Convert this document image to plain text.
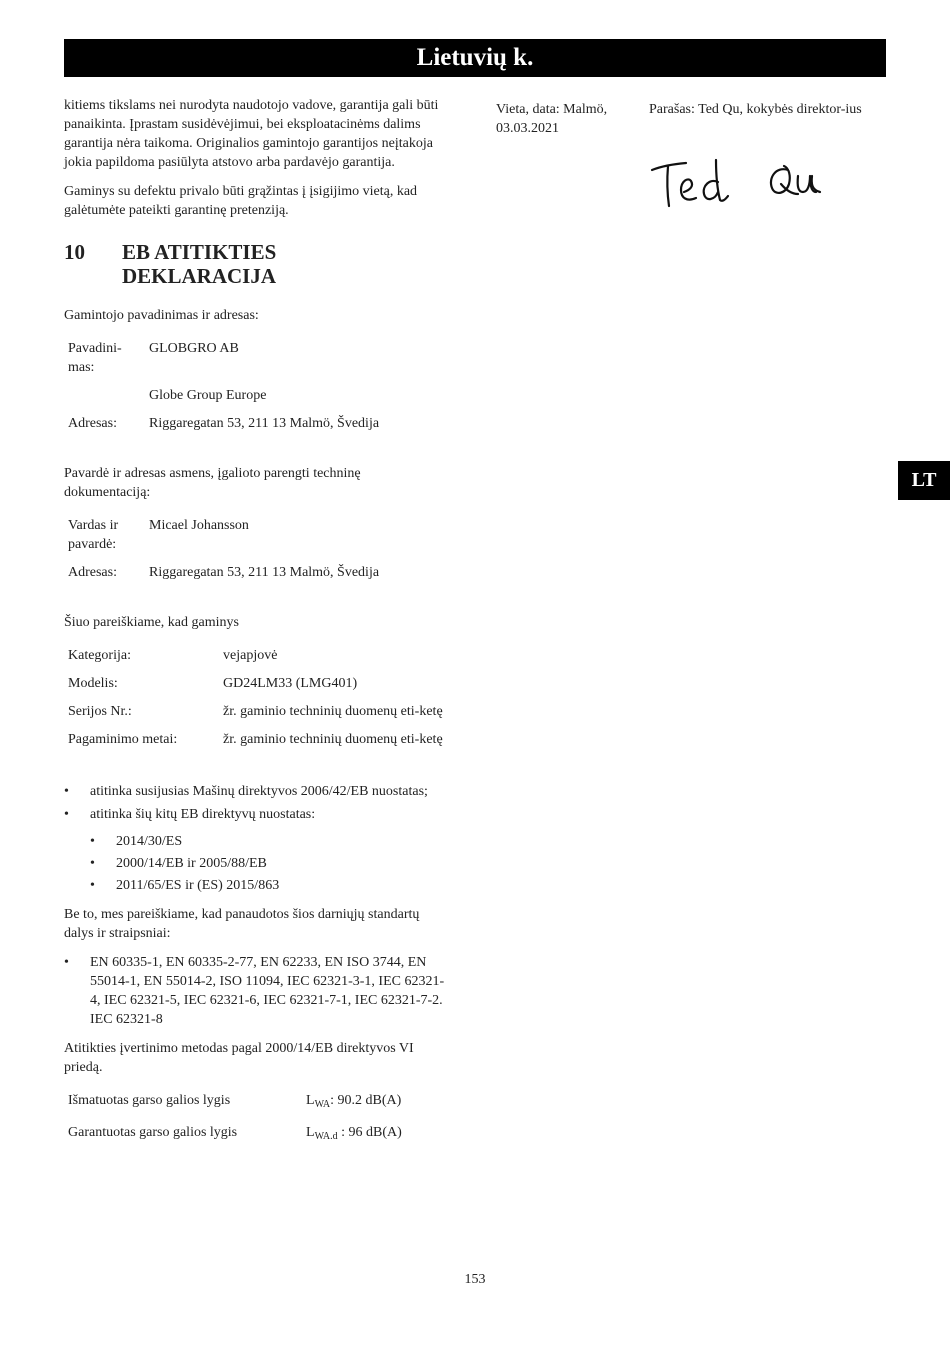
Lietuvių k.
LT

kitiems tikslams nei nurodyta naudotojo vadove, garantija gali būti panaikinta. Įprastam susidėvėjimui, bei eksploatacinėms dalims garantija nėra taikoma. Originalios gamintojo garantijos neįtakoja jokia papildoma pasiūlyta atstovo arba pardavėjo garantija.

Gaminys su defektu privalo būti grąžintas į įsigijimo vietą, kad galėtumėte pateikti garantinę pretenziją.

10	EB ATITIKTIES
DEKLARACIJA

Gamintojo pavadinimas ir adresas:

Pavadini-mas:	GLOBGRO AB
	Globe Group Europe
Adresas:	Riggaregatan 53, 211 13 Malmö, Švedija

Pavardė ir adresas asmens, įgalioto parengti techninę dokumentaciją:

Vardas ir pavardė:	Micael Johansson
Adresas:	Riggaregatan 53, 211 13 Malmö, Švedija

Šiuo pareiškiame, kad gaminys

Kategorija:	vejapjovė
Modelis:	GD24LM33 (LMG401)
Serijos Nr.:	žr. gaminio techninių duomenų eti-ketę
Pagaminimo metai:	žr. gaminio techninių duomenų eti-ketę
• atitinka susijusias Mašinų direktyvos 2006/42/EB nuostatas;
• atitinka šių kitų EB direktyvų nuostatas:
• 2014/30/ES
• 2000/14/EB ir 2005/88/EB
• 2011/65/ES ir (ES) 2015/863

Be to, mes pareiškiame, kad panaudotos šios darniųjų standartų dalys ir straipsniai:

• EN 60335-1, EN 60335-2-77, EN 62233, EN ISO 3744, EN 55014-1, EN 55014-2, ISO 11094, IEC 62321-3-1, IEC 62321-4, IEC 62321-5, IEC 62321-6, IEC 62321-7-1, IEC 62321-7-2. IEC 62321-8

Atitikties įvertinimo metodas pagal 2000/14/EB direktyvos VI priedą.

Išmatuotas garso galios lygis	$L_{WA}$: 90.2 dB(A)
Garantuotas garso galios lygis	$L_{WA.d}$ : 96 dB(A)
Vieta, data: Malmö, 03.03.2021
Parašas: Ted Qu, kokybės direktor-ius
153
